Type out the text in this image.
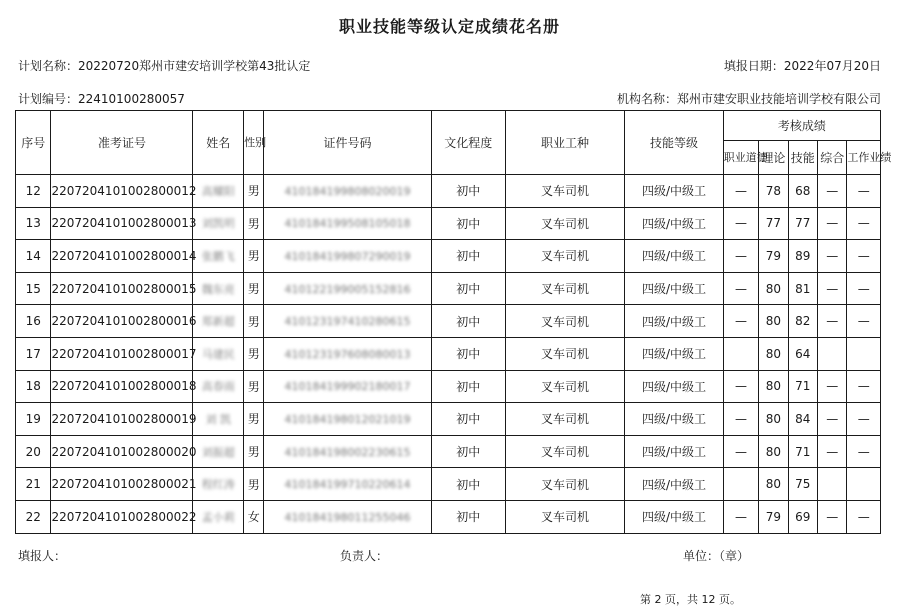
职业技能等级认定成绩花名册
计划名称：20220720郑州市建安培训学校第43批认定	填报日期：2022年07月20日
计划编号：22410100280057	机构名称：郑州市建安职业技能培训学校有限公司
序号	准考证号	姓名	性别	证件号码	文化程度	职业工种	技能等级	考核成绩				
								职业道德	理论	技能	综合	工作业绩
12	2207204101002800012	高耀阳	男	410184199808020019	初中	叉车司机	四级/中级工	—	78	68	—	—
13	2207204101002800013	刘凯明	男	410184199508105018	初中	叉车司机	四级/中级工	—	77	77	—	—
14	2207204101002800014	张鹏飞	男	410184199807290019	初中	叉车司机	四级/中级工	—	79	89	—	—
15	2207204101002800015	魏东亮	男	410122199005152816	初中	叉车司机	四级/中级工	—	80	81	—	—
16	2207204101002800016	郑新超	男	410123197410280615	初中	叉车司机	四级/中级工	—	80	82	—	—
17	2207204101002800017	马建民	男	410123197608080013	初中	叉车司机	四级/中级工		80	64		
18	2207204101002800018	高春雨	男	410184199902180017	初中	叉车司机	四级/中级工	—	80	71	—	—
19	2207204101002800019	刘 凯	男	410184198012021019	初中	叉车司机	四级/中级工	—	80	84	—	—
20	2207204101002800020	刘振超	男	410184198002230615	初中	叉车司机	四级/中级工	—	80	71	—	—
21	2207204101002800021	程红涛	男	410184199710220614	初中	叉车司机	四级/中级工		80	75		
22	2207204101002800022	孟小莉	女	410184198011255046	初中	叉车司机	四级/中级工	—	79	69	—	—
填报人：	负责人：	单位：（章）
第 2 页，共 12 页。
